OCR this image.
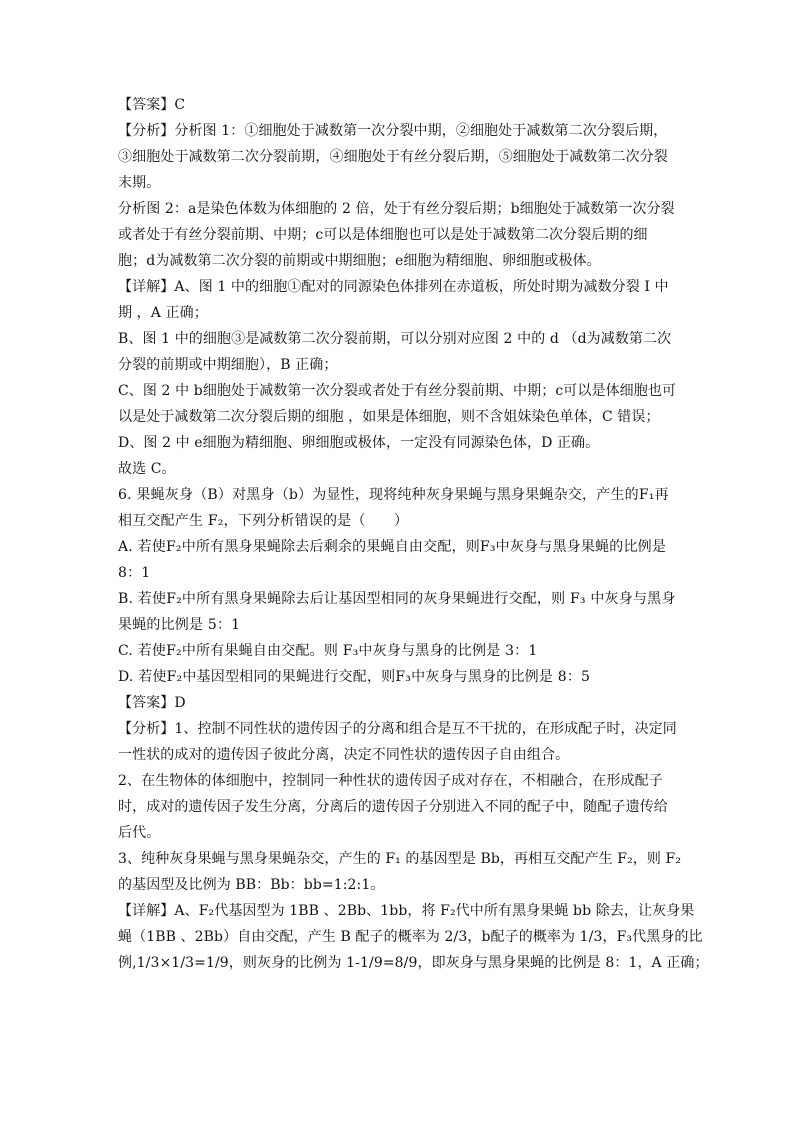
【答案】C
【分析】分析图 1：①细胞处于减数第一次分裂中期，②细胞处于减数第二次分裂后期，
③细胞处于减数第二次分裂前期，④细胞处于有丝分裂后期，⑤细胞处于减数第二次分裂
末期。
分析图 2：a是染色体数为体细胞的 2 倍，处于有丝分裂后期；b细胞处于减数第一次分裂
或者处于有丝分裂前期、中期；c可以是体细胞也可以是处于减数第二次分裂后期的细
胞；d为减数第二次分裂的前期或中期细胞；e细胞为精细胞、卵细胞或极体。
【详解】A、图 1 中的细胞①配对的同源染色体排列在赤道板，所处时期为减数分裂 I 中
期 ，A 正确；
B、图 1 中的细胞③是减数第二次分裂前期，可以分别对应图 2 中的 d （d为减数第二次
分裂的前期或中期细胞），B 正确；
C、图 2 中 b细胞处于减数第一次分裂或者处于有丝分裂前期、中期；c可以是体细胞也可
以是处于减数第二次分裂后期的细胞 ，如果是体细胞，则不含姐妹染色单体，C 错误；
D、图 2 中 e细胞为精细胞、卵细胞或极体，一定没有同源染色体，D 正确。
故选 C。
6. 果蝇灰身（B）对黑身（b）为显性，现将纯种灰身果蝇与黑身果蝇杂交，产生的F₁再
相互交配产生 F₂，下列分析错误的是（　　）
A. 若使F₂中所有黑身果蝇除去后剩余的果蝇自由交配，则F₃中灰身与黑身果蝇的比例是
8：1
B. 若使F₂中所有黑身果蝇除去后让基因型相同的灰身果蝇进行交配，则 F₃ 中灰身与黑身
果蝇的比例是 5：1
C. 若使F₂中所有果蝇自由交配。则 F₃中灰身与黑身的比例是 3：1
D. 若使F₂中基因型相同的果蝇进行交配，则F₃中灰身与黑身的比例是 8：5
【答案】D
【分析】1、控制不同性状的遗传因子的分离和组合是互不干扰的，在形成配子时，决定同
一性状的成对的遗传因子彼此分离，决定不同性状的遗传因子自由组合。
2、在生物体的体细胞中，控制同一种性状的遗传因子成对存在，不相融合，在形成配子
时，成对的遗传因子发生分离，分离后的遗传因子分别进入不同的配子中，随配子遗传给
后代。
3、纯种灰身果蝇与黑身果蝇杂交，产生的 F₁ 的基因型是 Bb，再相互交配产生 F₂，则 F₂
的基因型及比例为 BB：Bb：bb=1:2:1。
【详解】A、F₂代基因型为 1BB 、2Bb、1bb，将 F₂代中所有黑身果蝇 bb 除去，让灰身果
蝇（1BB 、2Bb）自由交配，产生 B 配子的概率为 2/3，b配子的概率为 1/3，F₃代黑身的比
例,1/3×1/3=1/9，则灰身的比例为 1-1/9=8/9，即灰身与黑身果蝇的比例是 8：1，A 正确；
